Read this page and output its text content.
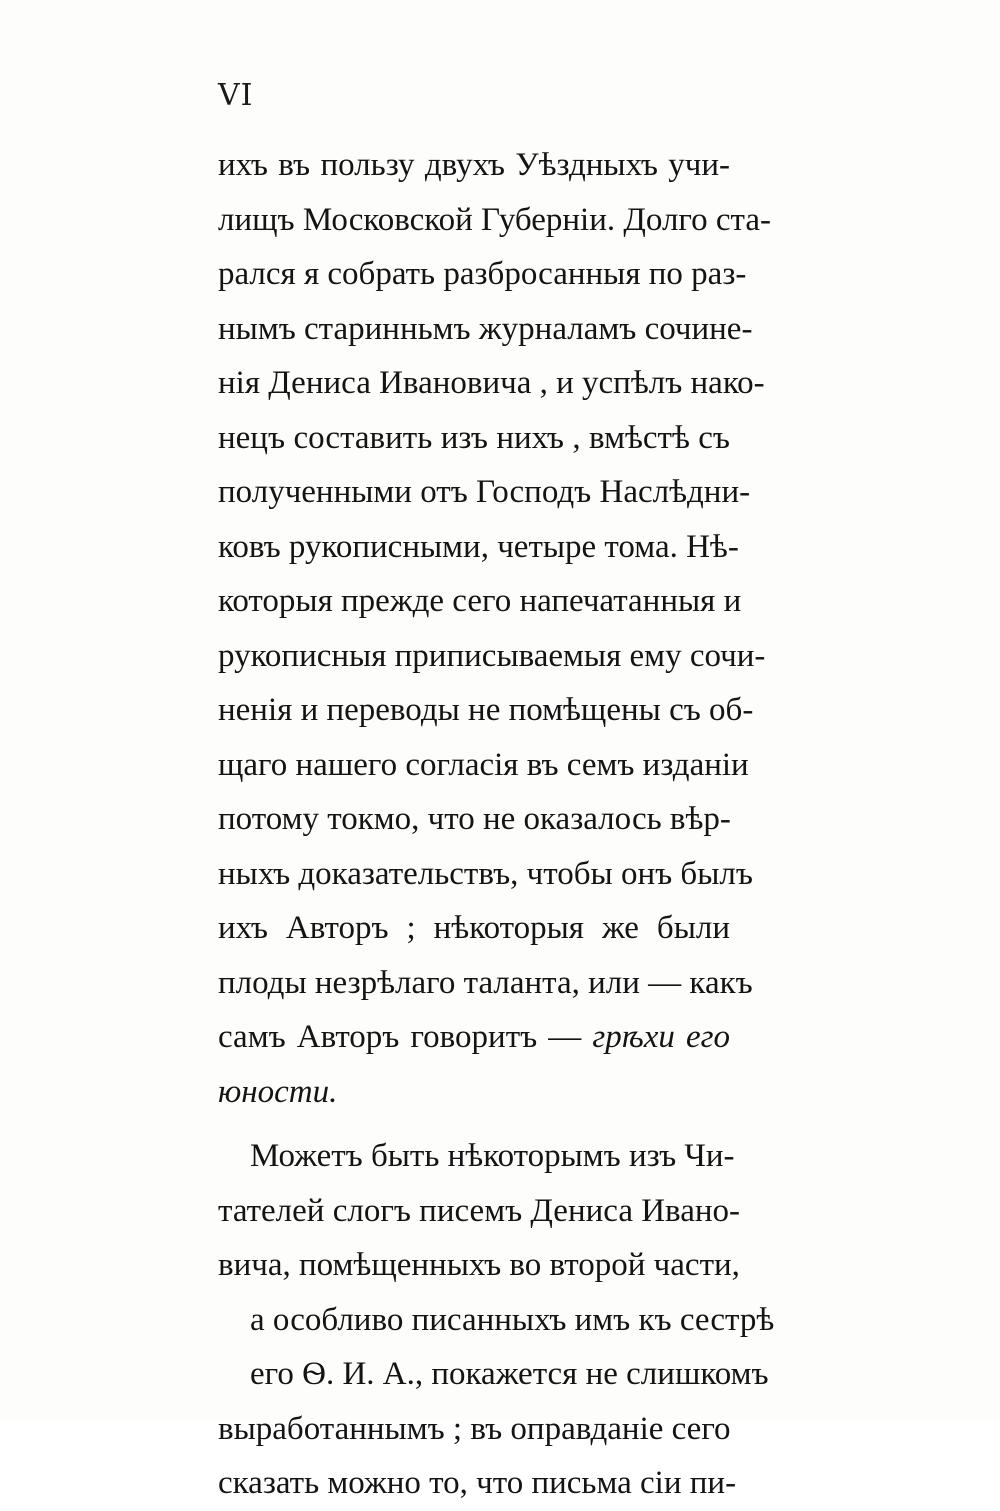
VI
ихъ въ пользу двухъ Уѣздныхъ учи-
лищъ Московской Губерніи. Долго ста-
рался я собрать разбросанныя по раз-
нымъ старинньмъ журналамъ сочине-
нія Дениса Ивановича , и успѣлъ нако-
нецъ составить изъ нихъ , вмѣстѣ съ
полученными отъ Господъ Наслѣдни-
ковъ рукописными, четыре тома. Нѣ-
которыя прежде сего напечатанныя и
рукописныя приписываемыя ему сочи-
ненія и переводы не помѣщены съ об-
щаго нашего согласія въ семъ изданіи
потому токмо, что не оказалось вѣр-
ныхъ доказательствъ, чтобы онъ былъ
ихъ Авторъ ; нѣкоторыя же были
плоды незрѣлаго таланта, или — какъ
самъ Авторъ говоритъ — грѣхи его
юности.
Можетъ быть нѣкоторымъ изъ Чи-
тателей слогъ писемъ Дениса Ивано-
вича, помѣщенныхъ во второй части,
а особливо писанныхъ имъ къ сестрѣ
его Ѳ. И. А., покажется не слишкомъ
выработаннымъ ; въ оправданіе сего
сказать можно то, что письма сіи пи-
